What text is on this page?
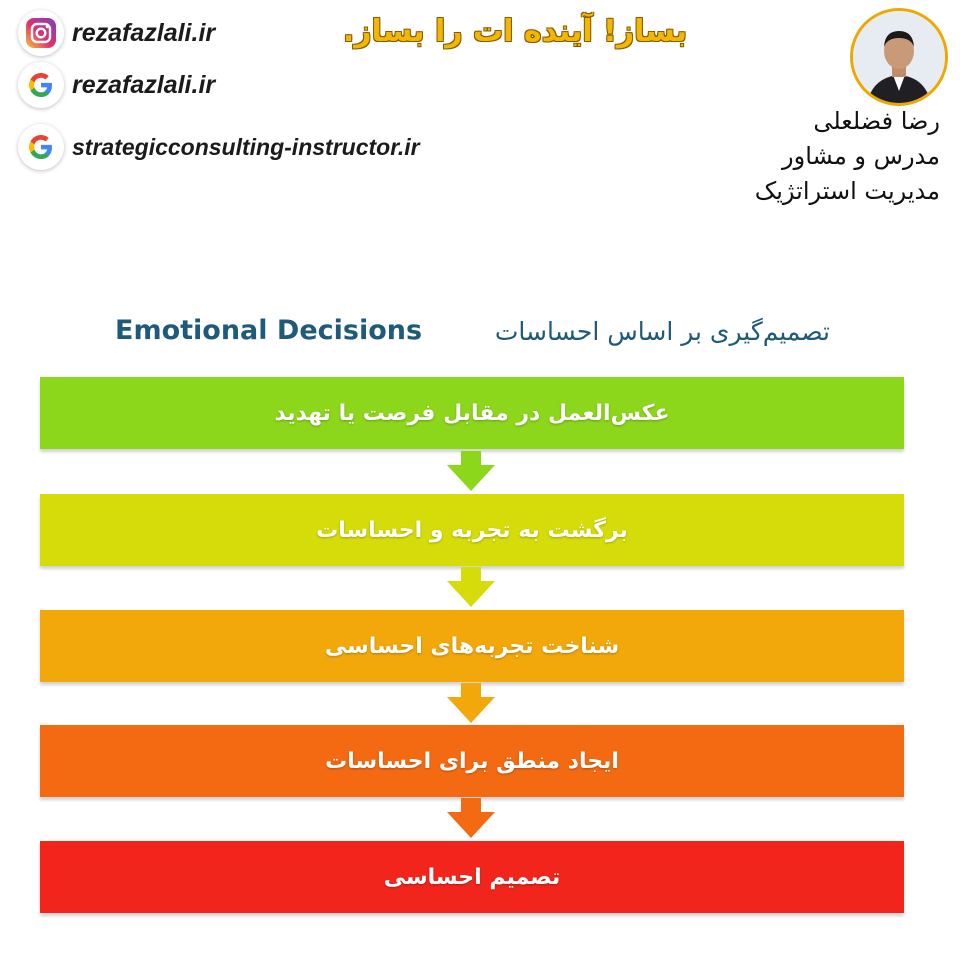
rezafazlali.ir
rezafazlali.ir
strategicconsulting-instructor.ir
بساز! آینده ات را بساز.
رضا فضلعلی
مدرس و مشاور
مدیریت استراتژیک
Emotional Decisions	تصمیم‌گیری بر اساس احساسات
عکس‌العمل در مقابل فرصت یا تهدید
برگشت به تجربه و احساسات
شناخت تجربه‌های احساسی
ایجاد منطق برای احساسات
تصمیم احساسی
